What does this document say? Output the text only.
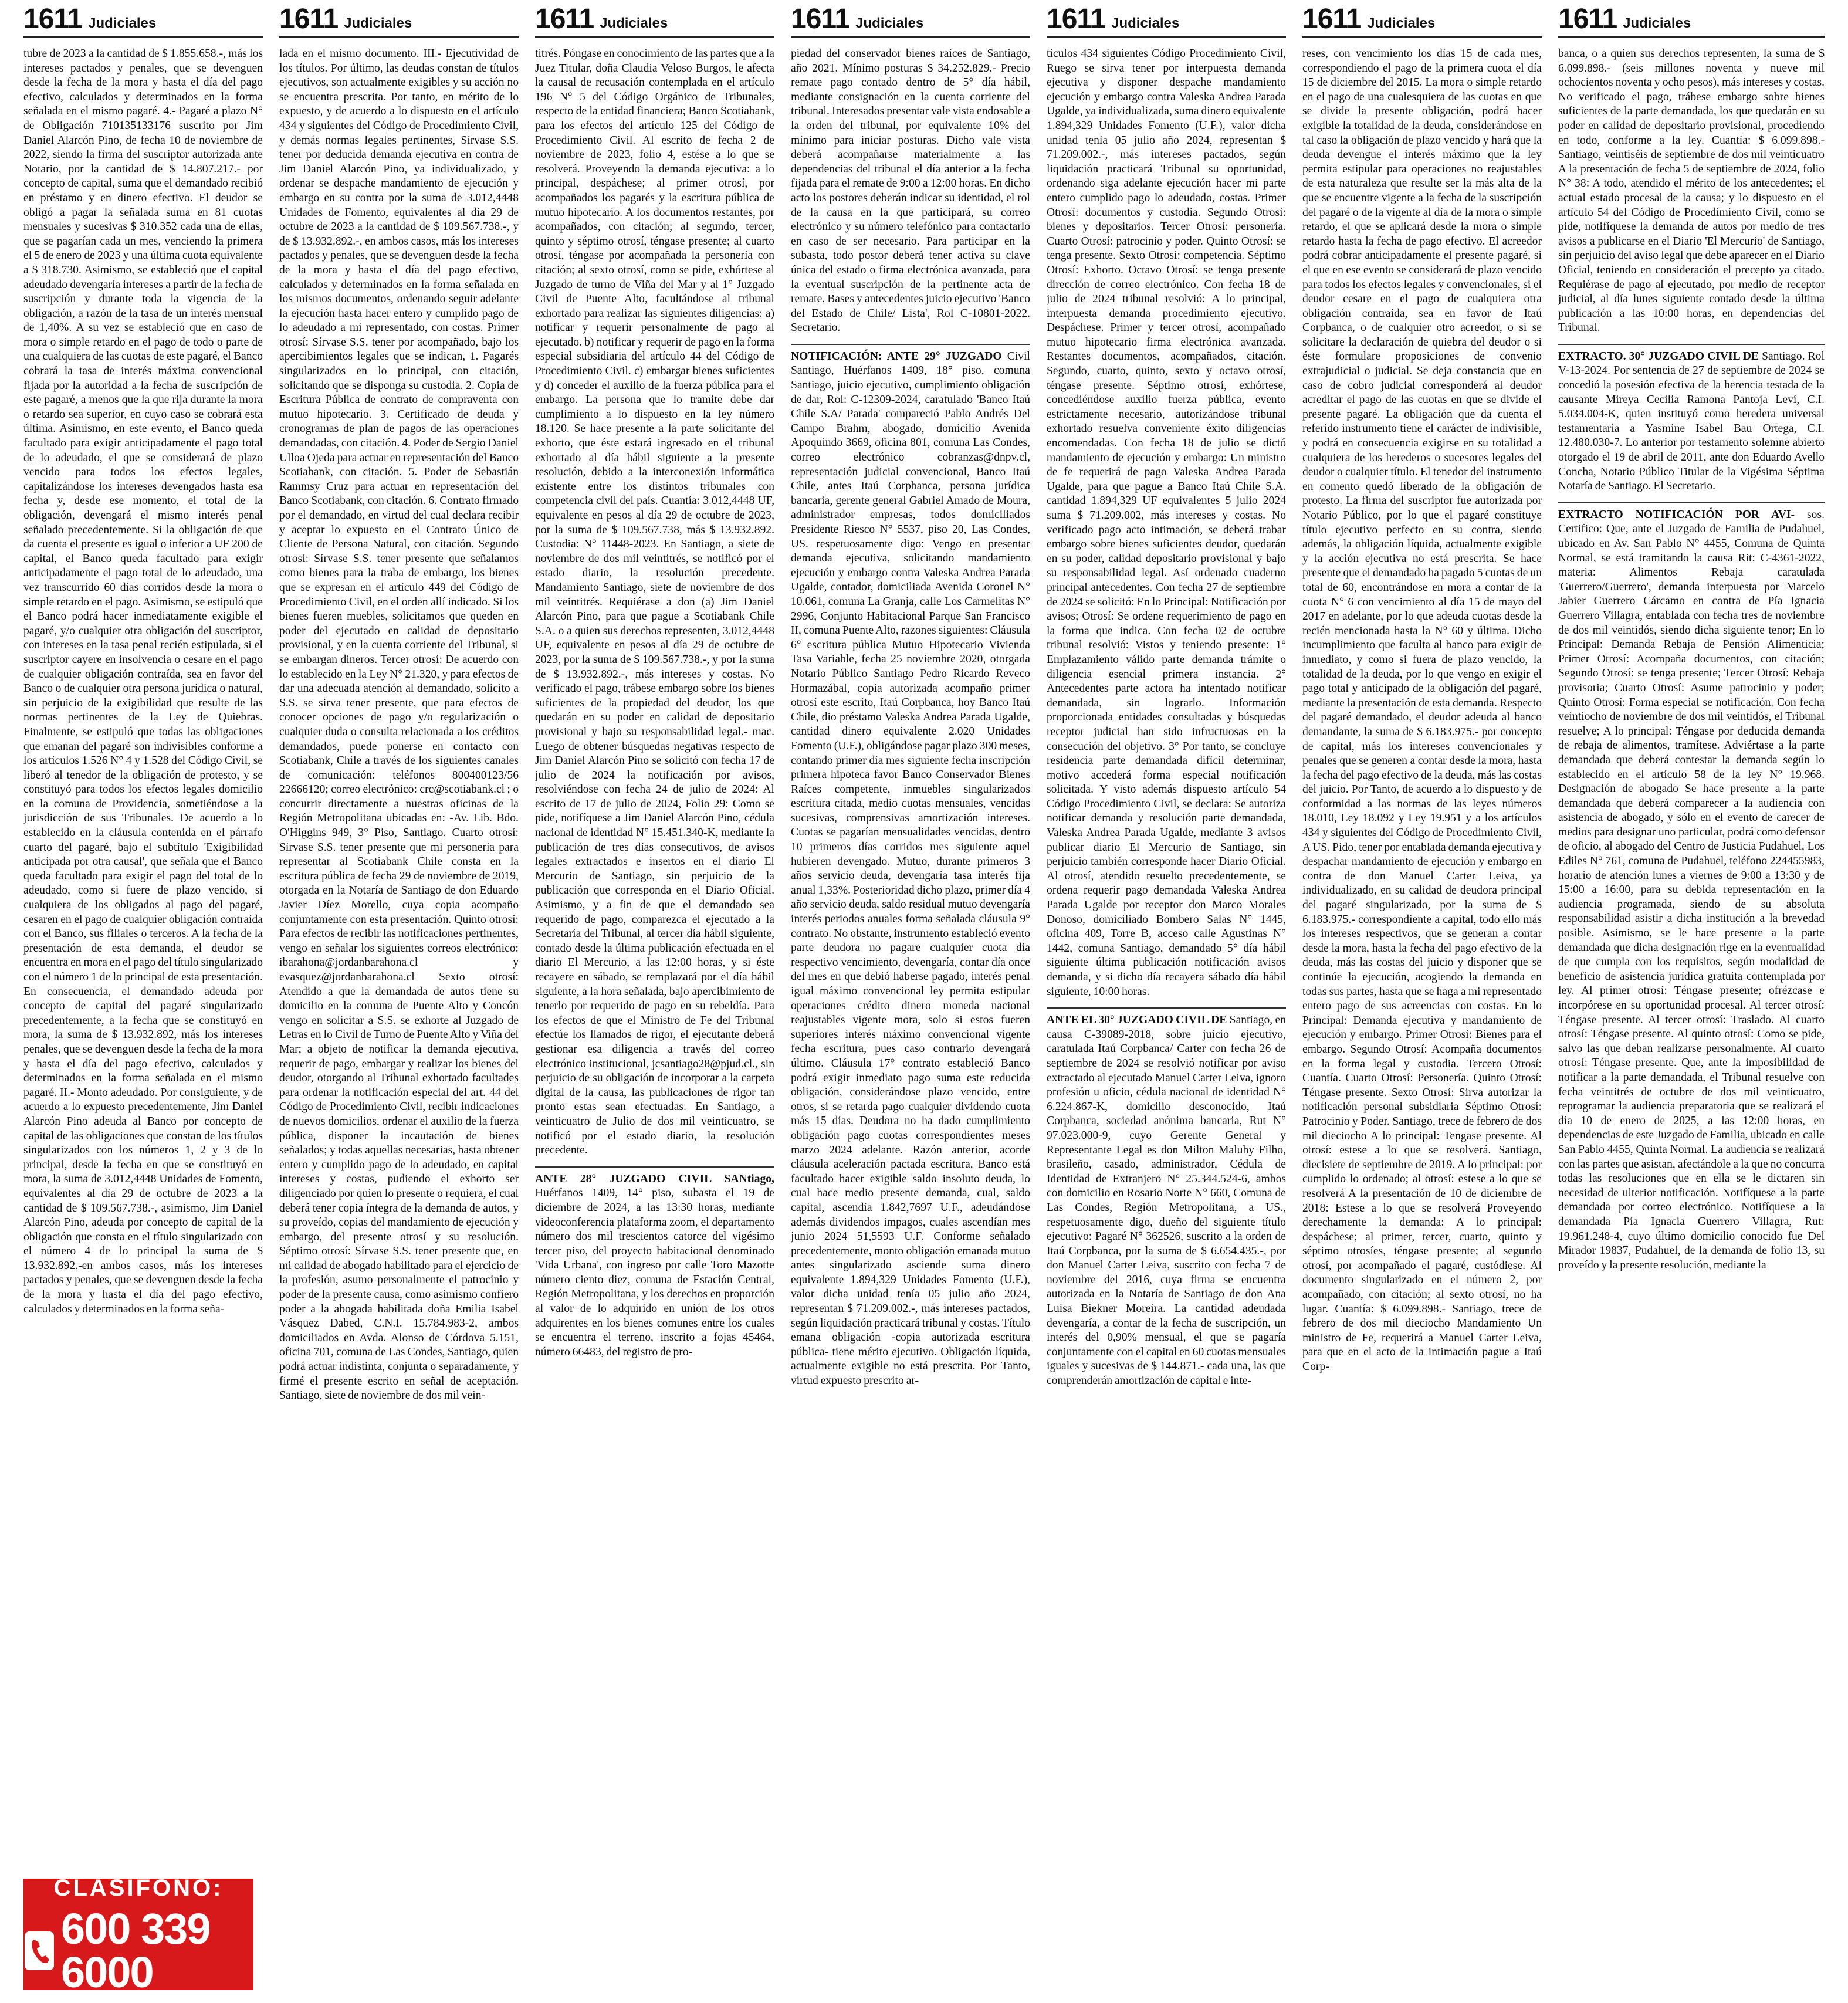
1611 Judiciales

tubre de 2023 a la cantidad de $ 1.855.658.-, más los intereses pactados y penales, que se devenguen desde la fecha de la mora y hasta el día del pago efectivo, calculados y determinados en la forma señalada en el mismo pagaré. 4.- Pagaré a plazo N° de Obligación 710135133176 suscrito por Jim Daniel Alarcón Pino, de fecha 10 de noviembre de 2022, siendo la firma del suscriptor autorizada ante Notario, por la cantidad de $ 14.807.217.- por concepto de capital, suma que el demandado recibió en préstamo y en dinero efectivo. El deudor se obligó a pagar la señalada suma en 81 cuotas mensuales y sucesivas $ 310.352 cada una de ellas, que se pagarían cada un mes, venciendo la primera el 5 de enero de 2023 y una última cuota equivalente a $ 318.730. Asimismo, se estableció que el capital adeudado devengaría intereses a partir de la fecha de suscripción y durante toda la vigencia de la obligación, a razón de la tasa de un interés mensual de 1,40%. A su vez se estableció que en caso de mora o simple retardo en el pago de todo o parte de una cualquiera de las cuotas de este pagaré, el Banco cobrará la tasa de interés máxima convencional fijada por la autoridad a la fecha de suscripción de este pagaré, a menos que la que rija durante la mora o retardo sea superior, en cuyo caso se cobrará esta última. Asimismo, en este evento, el Banco queda facultado para exigir anticipadamente el pago total de lo adeudado, el que se considerará de plazo vencido para todos los efectos legales, capitalizándose los intereses devengados hasta esa fecha y, desde ese momento, el total de la obligación, devengará el mismo interés penal señalado precedentemente. Si la obligación de que da cuenta el presente es igual o inferior a UF 200 de capital, el Banco queda facultado para exigir anticipadamente el pago total de lo adeudado, una vez transcurrido 60 días corridos desde la mora o simple retardo en el pago. Asimismo, se estipuló que el Banco podrá hacer inmediatamente exigible el pagaré, y/o cualquier otra obligación del suscriptor, con intereses en la tasa penal recién estipulada, si el suscriptor cayere en insolvencia o cesare en el pago de cualquier obligación contraída, sea en favor del Banco o de cualquier otra persona jurídica o natural, sin perjuicio de la exigibilidad que resulte de las normas pertinentes de la Ley de Quiebras. Finalmente, se estipuló que todas las obligaciones que emanan del pagaré son indivisibles conforme a los artículos 1.526 N° 4 y 1.528 del Código Civil, se liberó al tenedor de la obligación de protesto, y se constituyó para todos los efectos legales domicilio en la comuna de Providencia, sometiéndose a la jurisdicción de sus Tribunales. De acuerdo a lo establecido en la cláusula contenida en el párrafo cuarto del pagaré, bajo el subtítulo 'Exigibilidad anticipada por otra causal', que señala que el Banco queda facultado para exigir el pago del total de lo adeudado, como si fuere de plazo vencido, si cualquiera de los obligados al pago del pagaré, cesaren en el pago de cualquier obligación contraída con el Banco, sus filiales o terceros. A la fecha de la presentación de esta demanda, el deudor se encuentra en mora en el pago del título singularizado con el número 1 de lo principal de esta presentación. En consecuencia, el demandado adeuda por concepto de capital del pagaré singularizado precedentemente, a la fecha que se constituyó en mora, la suma de $ 13.932.892, más los intereses penales, que se devenguen desde la fecha de la mora y hasta el día del pago efectivo, calculados y determinados en la forma señalada en el mismo pagaré. II.- Monto adeudado. Por consiguiente, y de acuerdo a lo expuesto precedentemente, Jim Daniel Alarcón Pino adeuda al Banco por concepto de capital de las obligaciones que constan de los títulos singularizados con los números 1, 2 y 3 de lo principal, desde la fecha en que se constituyó en mora, la suma de 3.012,4448 Unidades de Fomento, equivalentes al día 29 de octubre de 2023 a la cantidad de $ 109.567.738.-, asimismo, Jim Daniel Alarcón Pino, adeuda por concepto de capital de la obligación que consta en el título singularizado con el número 4 de lo principal la suma de $ 13.932.892.-en ambos casos, más los intereses pactados y penales, que se devenguen desde la fecha de la mora y hasta el día del pago efectivo, calculados y determinados en la forma seña-

1611 Judiciales

lada en el mismo documento. III.- Ejecutividad de los títulos. Por último, las deudas constan de títulos ejecutivos, son actualmente exigibles y su acción no se encuentra prescrita. Por tanto, en mérito de lo expuesto, y de acuerdo a lo dispuesto en el artículo 434 y siguientes del Código de Procedimiento Civil, y demás normas legales pertinentes, Sírvase S.S. tener por deducida demanda ejecutiva en contra de Jim Daniel Alarcón Pino, ya individualizado, y ordenar se despache mandamiento de ejecución y embargo en su contra por la suma de 3.012,4448 Unidades de Fomento, equivalentes al día 29 de octubre de 2023 a la cantidad de $ 109.567.738.-, y de $ 13.932.892.-, en ambos casos, más los intereses pactados y penales, que se devenguen desde la fecha de la mora y hasta el día del pago efectivo, calculados y determinados en la forma señalada en los mismos documentos, ordenando seguir adelante la ejecución hasta hacer entero y cumplido pago de lo adeudado a mi representado, con costas. Primer otrosí: Sírvase S.S. tener por acompañado, bajo los apercibimientos legales que se indican, 1. Pagarés singularizados en lo principal, con citación, solicitando que se disponga su custodia. 2. Copia de Escritura Pública de contrato de compraventa con mutuo hipotecario. 3. Certificado de deuda y cronogramas de plan de pagos de las operaciones demandadas, con citación. 4. Poder de Sergio Daniel Ulloa Ojeda para actuar en representación del Banco Scotiabank, con citación. 5. Poder de Sebastián Rammsy Cruz para actuar en representación del Banco Scotiabank, con citación. 6. Contrato firmado por el demandado, en virtud del cual declara recibir y aceptar lo expuesto en el Contrato Único de Cliente de Persona Natural, con citación. Segundo otrosí: Sírvase S.S. tener presente que señalamos como bienes para la traba de embargo, los bienes que se expresan en el artículo 449 del Código de Procedimiento Civil, en el orden allí indicado. Si los bienes fueren muebles, solicitamos que queden en poder del ejecutado en calidad de depositario provisional, y en la cuenta corriente del Tribunal, si se embargan dineros. Tercer otrosí: De acuerdo con lo establecido en la Ley N° 21.320, y para efectos de dar una adecuada atención al demandado, solicito a S.S. se sirva tener presente, que para efectos de conocer opciones de pago y/o regularización o cualquier duda o consulta relacionada a los créditos demandados, puede ponerse en contacto con Scotiabank, Chile a través de los siguientes canales de comunicación: teléfonos 800400123/56 22666120; correo electrónico: crc@scotiabank.cl ; o concurrir directamente a nuestras oficinas de la Región Metropolitana ubicadas en: -Av. Lib. Bdo. O'Higgins 949, 3° Piso, Santiago. Cuarto otrosí: Sírvase S.S. tener presente que mi personería para representar al Scotiabank Chile consta en la escritura pública de fecha 29 de noviembre de 2019, otorgada en la Notaría de Santiago de don Eduardo Javier Díez Morello, cuya copia acompaño conjuntamente con esta presentación. Quinto otrosí: Para efectos de recibir las notificaciones pertinentes, vengo en señalar los siguientes correos electrónico: ibarahona@jordanbarahona.cl y evasquez@jordanbarahona.cl Sexto otrosí: Atendido a que la demandada de autos tiene su domicilio en la comuna de Puente Alto y Concón vengo en solicitar a S.S. se exhorte al Juzgado de Letras en lo Civil de Turno de Puente Alto y Viña del Mar; a objeto de notificar la demanda ejecutiva, requerir de pago, embargar y realizar los bienes del deudor, otorgando al Tribunal exhortado facultades para ordenar la notificación especial del art. 44 del Código de Procedimiento Civil, recibir indicaciones de nuevos domicilios, ordenar el auxilio de la fuerza pública, disponer la incautación de bienes señalados; y todas aquellas necesarias, hasta obtener entero y cumplido pago de lo adeudado, en capital intereses y costas, pudiendo el exhorto ser diligenciado por quien lo presente o requiera, el cual deberá tener copia íntegra de la demanda de autos, y su proveído, copias del mandamiento de ejecución y embargo, del presente otrosí y su resolución. Séptimo otrosí: Sírvase S.S. tener presente que, en mi calidad de abogado habilitado para el ejercicio de la profesión, asumo personalmente el patrocinio y poder de la presente causa, como asimismo confiero poder a la abogada habilitada doña Emilia Isabel Vásquez Dabed, C.N.I. 15.784.983-2, ambos domiciliados en Avda. Alonso de Córdova 5.151, oficina 701, comuna de Las Condes, Santiago, quien podrá actuar indistinta, conjunta o separadamente, y firmé el presente escrito en señal de aceptación. Santiago, siete de noviembre de dos mil vein-

1611 Judiciales

titrés. Póngase en conocimiento de las partes que a la Juez Titular, doña Claudia Veloso Burgos, le afecta la causal de recusación contemplada en el artículo 196 N° 5 del Código Orgánico de Tribunales, respecto de la entidad financiera; Banco Scotiabank, para los efectos del artículo 125 del Código de Procedimiento Civil. Al escrito de fecha 2 de noviembre de 2023, folio 4, estése a lo que se resolverá. Proveyendo la demanda ejecutiva: a lo principal, despáchese; al primer otrosí, por acompañados los pagarés y la escritura pública de mutuo hipotecario. A los documentos restantes, por acompañados, con citación; al segundo, tercer, quinto y séptimo otrosí, téngase presente; al cuarto otrosí, téngase por acompañada la personería con citación; al sexto otrosí, como se pide, exhórtese al Juzgado de turno de Viña del Mar y al 1° Juzgado Civil de Puente Alto, facultándose al tribunal exhortado para realizar las siguientes diligencias: a) notificar y requerir personalmente de pago al ejecutado. b) notificar y requerir de pago en la forma especial subsidiaria del artículo 44 del Código de Procedimiento Civil. c) embargar bienes suficientes y d) conceder el auxilio de la fuerza pública para el embargo. La persona que lo tramite debe dar cumplimiento a lo dispuesto en la ley número 18.120. Se hace presente a la parte solicitante del exhorto, que éste estará ingresado en el tribunal exhortado al día hábil siguiente a la presente resolución, debido a la interconexión informática existente entre los distintos tribunales con competencia civil del país. Cuantía: 3.012,4448 UF, equivalente en pesos al día 29 de octubre de 2023, por la suma de $ 109.567.738, más $ 13.932.892. Custodia: N° 11448-2023. En Santiago, a siete de noviembre de dos mil veintitrés, se notificó por el estado diario, la resolución precedente. Mandamiento Santiago, siete de noviembre de dos mil veintitrés. Requiérase a don (a) Jim Daniel Alarcón Pino, para que pague a Scotiabank Chile S.A. o a quien sus derechos representen, 3.012,4448 UF, equivalente en pesos al día 29 de octubre de 2023, por la suma de $ 109.567.738.-, y por la suma de $ 13.932.892.-, más intereses y costas. No verificado el pago, trábese embargo sobre los bienes suficientes de la propiedad del deudor, los que quedarán en su poder en calidad de depositario provisional y bajo su responsabilidad legal.- mac. Luego de obtener búsquedas negativas respecto de Jim Daniel Alarcón Pino se solicitó con fecha 17 de julio de 2024 la notificación por avisos, resolviéndose con fecha 24 de julio de 2024: Al escrito de 17 de julio de 2024, Folio 29: Como se pide, notifíquese a Jim Daniel Alarcón Pino, cédula nacional de identidad N° 15.451.340-K, mediante la publicación de tres días consecutivos, de avisos legales extractados e insertos en el diario El Mercurio de Santiago, sin perjuicio de la publicación que corresponda en el Diario Oficial. Asimismo, y a fin de que el demandado sea requerido de pago, comparezca el ejecutado a la Secretaría del Tribunal, al tercer día hábil siguiente, contado desde la última publicación efectuada en el diario El Mercurio, a las 12:00 horas, y si éste recayere en sábado, se remplazará por el día hábil siguiente, a la hora señalada, bajo apercibimiento de tenerlo por requerido de pago en su rebeldía. Para los efectos de que el Ministro de Fe del Tribunal efectúe los llamados de rigor, el ejecutante deberá gestionar esa diligencia a través del correo electrónico institucional, jcsantiago28@pjud.cl., sin perjuicio de su obligación de incorporar a la carpeta digital de la causa, las publicaciones de rigor tan pronto estas sean efectuadas. En Santiago, a veinticuatro de Julio de dos mil veinticuatro, se notificó por el estado diario, la resolución precedente.

ANTE 28° JUZGADO CIVIL SANtiago, Huérfanos 1409, 14° piso, subasta el 19 de diciembre de 2024, a las 13:30 horas, mediante videoconferencia plataforma zoom, el departamento número dos mil trescientos catorce del vigésimo tercer piso, del proyecto habitacional denominado 'Vida Urbana', con ingreso por calle Toro Mazotte número ciento diez, comuna de Estación Central, Región Metropolitana, y los derechos en proporción al valor de lo adquirido en unión de los otros adquirentes en los bienes comunes entre los cuales se encuentra el terreno, inscrito a fojas 45464, número 66483, del registro de pro-
1611 Judiciales

piedad del conservador bienes raíces de Santiago, año 2021. Mínimo posturas $ 34.252.829.- Precio remate pago contado dentro de 5° día hábil, mediante consignación en la cuenta corriente del tribunal. Interesados presentar vale vista endosable a la orden del tribunal, por equivalente 10% del mínimo para iniciar posturas. Dicho vale vista deberá acompañarse materialmente a las dependencias del tribunal el día anterior a la fecha fijada para el remate de 9:00 a 12:00 horas. En dicho acto los postores deberán indicar su identidad, el rol de la causa en la que participará, su correo electrónico y su número telefónico para contactarlo en caso de ser necesario. Para participar en la subasta, todo postor deberá tener activa su clave única del estado o firma electrónica avanzada, para la eventual suscripción de la pertinente acta de remate. Bases y antecedentes juicio ejecutivo 'Banco del Estado de Chile/ Lista', Rol C-10801-2022. Secretario.

NOTIFICACIÓN: ANTE 29° JUZGADO Civil Santiago, Huérfanos 1409, 18° piso, comuna Santiago, juicio ejecutivo, cumplimiento obligación de dar, Rol: C-12309-2024, caratulado 'Banco Itaú Chile S.A/ Parada' compareció Pablo Andrés Del Campo Brahm, abogado, domicilio Avenida Apoquindo 3669, oficina 801, comuna Las Condes, correo electrónico cobranzas@dnpv.cl, representación judicial convencional, Banco Itaú Chile, antes Itaú Corpbanca, persona jurídica bancaria, gerente general Gabriel Amado de Moura, administrador empresas, todos domiciliados Presidente Riesco N° 5537, piso 20, Las Condes, US. respetuosamente digo: Vengo en presentar demanda ejecutiva, solicitando mandamiento ejecución y embargo contra Valeska Andrea Parada Ugalde, contador, domiciliada Avenida Coronel N° 10.061, comuna La Granja, calle Los Carmelitas N° 2996, Conjunto Habitacional Parque San Francisco II, comuna Puente Alto, razones siguientes: Cláusula 6° escritura pública Mutuo Hipotecario Vivienda Tasa Variable, fecha 25 noviembre 2020, otorgada Notario Público Santiago Pedro Ricardo Reveco Hormazábal, copia autorizada acompaño primer otrosí este escrito, Itaú Corpbanca, hoy Banco Itaú Chile, dio préstamo Valeska Andrea Parada Ugalde, cantidad dinero equivalente 2.020 Unidades Fomento (U.F.), obligándose pagar plazo 300 meses, contando primer día mes siguiente fecha inscripción primera hipoteca favor Banco Conservador Bienes Raíces competente, inmuebles singularizados escritura citada, medio cuotas mensuales, vencidas sucesivas, comprensivas amortización intereses. Cuotas se pagarían mensualidades vencidas, dentro 10 primeros días corridos mes siguiente aquel hubieren devengado. Mutuo, durante primeros 3 años servicio deuda, devengaría tasa interés fija anual 1,33%. Posterioridad dicho plazo, primer día 4 año servicio deuda, saldo residual mutuo devengaría interés periodos anuales forma señalada cláusula 9° contrato. No obstante, instrumento estableció evento parte deudora no pagare cualquier cuota día respectivo vencimiento, devengaría, contar día once del mes en que debió haberse pagado, interés penal igual máximo convencional ley permita estipular operaciones crédito dinero moneda nacional reajustables vigente mora, solo si estos fueren superiores interés máximo convencional vigente fecha escritura, pues caso contrario devengará último. Cláusula 17° contrato estableció Banco podrá exigir inmediato pago suma este reducida obligación, considerándose plazo vencido, entre otros, si se retarda pago cualquier dividendo cuota más 15 días. Deudora no ha dado cumplimiento obligación pago cuotas correspondientes meses marzo 2024 adelante. Razón anterior, acorde cláusula aceleración pactada escritura, Banco está facultado hacer exigible saldo insoluto deuda, lo cual hace medio presente demanda, cual, saldo capital, ascendía 1.842,7697 U.F., adeudándose además dividendos impagos, cuales ascendían mes junio 2024 51,5593 U.F. Conforme señalado precedentemente, monto obligación emanada mutuo antes singularizado asciende suma dinero equivalente 1.894,329 Unidades Fomento (U.F.), valor dicha unidad tenía 05 julio año 2024, representan $ 71.209.002.-, más intereses pactados, según liquidación practicará tribunal y costas. Título emana obligación -copia autorizada escritura pública- tiene mérito ejecutivo. Obligación líquida, actualmente exigible no está prescrita. Por Tanto, virtud expuesto prescrito ar-
1611 Judiciales

tículos 434 siguientes Código Procedimiento Civil, Ruego se sirva tener por interpuesta demanda ejecutiva y disponer despache mandamiento ejecución y embargo contra Valeska Andrea Parada Ugalde, ya individualizada, suma dinero equivalente 1.894,329 Unidades Fomento (U.F.), valor dicha unidad tenía 05 julio año 2024, representan $ 71.209.002.-, más intereses pactados, según liquidación practicará Tribunal su oportunidad, ordenando siga adelante ejecución hacer mi parte entero cumplido pago lo adeudado, costas. Primer Otrosí: documentos y custodia. Segundo Otrosí: bienes y depositarios. Tercer Otrosí: personería. Cuarto Otrosí: patrocinio y poder. Quinto Otrosí: se tenga presente. Sexto Otrosí: competencia. Séptimo Otrosí: Exhorto. Octavo Otrosí: se tenga presente dirección de correo electrónico. Con fecha 18 de julio de 2024 tribunal resolvió: A lo principal, interpuesta demanda procedimiento ejecutivo. Despáchese. Primer y tercer otrosí, acompañado mutuo hipotecario firma electrónica avanzada. Restantes documentos, acompañados, citación. Segundo, cuarto, quinto, sexto y octavo otrosí, téngase presente. Séptimo otrosí, exhórtese, concediéndose auxilio fuerza pública, evento estrictamente necesario, autorizándose tribunal exhortado resuelva conveniente éxito diligencias encomendadas. Con fecha 18 de julio se dictó mandamiento de ejecución y embargo: Un ministro de fe requerirá de pago Valeska Andrea Parada Ugalde, para que pague a Banco Itaú Chile S.A. cantidad 1.894,329 UF equivalentes 5 julio 2024 suma $ 71.209.002, más intereses y costas. No verificado pago acto intimación, se deberá trabar embargo sobre bienes suficientes deudor, quedarán en su poder, calidad depositario provisional y bajo su responsabilidad legal. Así ordenado cuaderno principal antecedentes. Con fecha 27 de septiembre de 2024 se solicitó: En lo Principal: Notificación por avisos; Otrosí: Se ordene requerimiento de pago en la forma que indica. Con fecha 02 de octubre tribunal resolvió: Vistos y teniendo presente: 1° Emplazamiento válido parte demanda trámite o diligencia esencial primera instancia. 2° Antecedentes parte actora ha intentado notificar demandada, sin lograrlo. Información proporcionada entidades consultadas y búsquedas receptor judicial han sido infructuosas en la consecución del objetivo. 3° Por tanto, se concluye residencia parte demandada difícil determinar, motivo accederá forma especial notificación solicitada. Y visto además dispuesto artículo 54 Código Procedimiento Civil, se declara: Se autoriza notificar demanda y resolución parte demandada, Valeska Andrea Parada Ugalde, mediante 3 avisos publicar diario El Mercurio de Santiago, sin perjuicio también corresponde hacer Diario Oficial. Al otrosí, atendido resuelto precedentemente, se ordena requerir pago demandada Valeska Andrea Parada Ugalde por receptor don Marco Morales Donoso, domiciliado Bombero Salas N° 1445, oficina 409, Torre B, acceso calle Agustinas N° 1442, comuna Santiago, demandado 5° día hábil siguiente última publicación notificación avisos demanda, y si dicho día recayera sábado día hábil siguiente, 10:00 horas.

ANTE EL 30° JUZGADO CIVIL DE Santiago, en causa C-39089-2018, sobre juicio ejecutivo, caratulada Itaú Corpbanca/ Carter con fecha 26 de septiembre de 2024 se resolvió notificar por aviso extractado al ejecutado Manuel Carter Leiva, ignoro profesión u oficio, cédula nacional de identidad N° 6.224.867-K, domicilio desconocido, Itaú Corpbanca, sociedad anónima bancaria, Rut N° 97.023.000-9, cuyo Gerente General y Representante Legal es don Milton Maluhy Filho, brasileño, casado, administrador, Cédula de Identidad de Extranjero N° 25.344.524-6, ambos con domicilio en Rosario Norte N° 660, Comuna de Las Condes, Región Metropolitana, a US., respetuosamente digo, dueño del siguiente título ejecutivo: Pagaré N° 362526, suscrito a la orden de Itaú Corpbanca, por la suma de $ 6.654.435.-, por don Manuel Carter Leiva, suscrito con fecha 7 de noviembre del 2016, cuya firma se encuentra autorizada en la Notaría de Santiago de don Ana Luisa Biekner Moreira. La cantidad adeudada devengaría, a contar de la fecha de suscripción, un interés del 0,90% mensual, el que se pagaría conjuntamente con el capital en 60 cuotas mensuales iguales y sucesivas de $ 144.871.- cada una, las que comprenderán amortización de capital e inte-
1611 Judiciales

reses, con vencimiento los días 15 de cada mes, correspondiendo el pago de la primera cuota el día 15 de diciembre del 2015. La mora o simple retardo en el pago de una cualesquiera de las cuotas en que se divide la presente obligación, podrá hacer exigible la totalidad de la deuda, considerándose en tal caso la obligación de plazo vencido y hará que la deuda devengue el interés máximo que la ley permita estipular para operaciones no reajustables de esta naturaleza que resulte ser la más alta de la que se encuentre vigente a la fecha de la suscripción del pagaré o de la vigente al día de la mora o simple retardo, el que se aplicará desde la mora o simple retardo hasta la fecha de pago efectivo. El acreedor podrá cobrar anticipadamente el presente pagaré, si el que en ese evento se considerará de plazo vencido para todos los efectos legales y convencionales, si el deudor cesare en el pago de cualquiera otra obligación contraída, sea en favor de Itaú Corpbanca, o de cualquier otro acreedor, o si se solicitare la declaración de quiebra del deudor o si éste formulare proposiciones de convenio extrajudicial o judicial. Se deja constancia que en caso de cobro judicial corresponderá al deudor acreditar el pago de las cuotas en que se divide el presente pagaré. La obligación que da cuenta el referido instrumento tiene el carácter de indivisible, y podrá en consecuencia exigirse en su totalidad a cualquiera de los herederos o sucesores legales del deudor o cualquier título. El tenedor del instrumento en comento quedó liberado de la obligación de protesto. La firma del suscriptor fue autorizada por Notario Público, por lo que el pagaré constituye título ejecutivo perfecto en su contra, siendo además, la obligación líquida, actualmente exigible y la acción ejecutiva no está prescrita. Se hace presente que el demandado ha pagado 5 cuotas de un total de 60, encontrándose en mora a contar de la cuota N° 6 con vencimiento al día 15 de mayo del 2017 en adelante, por lo que adeuda cuotas desde la recién mencionada hasta la N° 60 y última. Dicho incumplimiento que faculta al banco para exigir de inmediato, y como si fuera de plazo vencido, la totalidad de la deuda, por lo que vengo en exigir el pago total y anticipado de la obligación del pagaré, mediante la presentación de esta demanda. Respecto del pagaré demandado, el deudor adeuda al banco demandante, la suma de $ 6.183.975.- por concepto de capital, más los intereses convencionales y penales que se generen a contar desde la mora, hasta la fecha del pago efectivo de la deuda, más las costas del juicio. Por Tanto, de acuerdo a lo dispuesto y de conformidad a las normas de las leyes números 18.010, Ley 18.092 y Ley 19.951 y a los artículos 434 y siguientes del Código de Procedimiento Civil, A US. Pido, tener por entablada demanda ejecutiva y despachar mandamiento de ejecución y embargo en contra de don Manuel Carter Leiva, ya individualizado, en su calidad de deudora principal del pagaré singularizado, por la suma de $ 6.183.975.- correspondiente a capital, todo ello más los intereses respectivos, que se generan a contar desde la mora, hasta la fecha del pago efectivo de la deuda, más las costas del juicio y disponer que se continúe la ejecución, acogiendo la demanda en todas sus partes, hasta que se haga a mi representado entero pago de sus acreencias con costas. En lo Principal: Demanda ejecutiva y mandamiento de ejecución y embargo. Primer Otrosí: Bienes para el embargo. Segundo Otrosí: Acompaña documentos en la forma legal y custodia. Tercero Otrosí: Cuantía. Cuarto Otrosí: Personería. Quinto Otrosí: Téngase presente. Sexto Otrosí: Sirva autorizar la notificación personal subsidiaria Séptimo Otrosí: Patrocinio y Poder. Santiago, trece de febrero de dos mil dieciocho A lo principal: Tengase presente. Al otrosí: estese a lo que se resolverá. Santiago, diecisiete de septiembre de 2019. A lo principal: por cumplido lo ordenado; al otrosí: estese a lo que se resolverá A la presentación de 10 de diciembre de 2018: Estese a lo que se resolverá Proveyendo derechamente la demanda: A lo principal: despáchese; al primer, tercer, cuarto, quinto y séptimo otrosíes, téngase presente; al segundo otrosí, por acompañado el pagaré, custódiese. Al documento singularizado en el número 2, por acompañado, con citación; al sexto otrosí, no ha lugar. Cuantía: $ 6.099.898.- Santiago, trece de febrero de dos mil dieciocho Mandamiento Un ministro de Fe, requerirá a Manuel Carter Leiva, para que en el acto de la intimación pague a Itaú Corp-

1611 Judiciales

banca, o a quien sus derechos representen, la suma de $ 6.099.898.- (seis millones noventa y nueve mil ochocientos noventa y ocho pesos), más intereses y costas. No verificado el pago, trábese embargo sobre bienes suficientes de la parte demandada, los que quedarán en su poder en calidad de depositario provisional, procediendo en todo, conforme a la ley. Cuantía: $ 6.099.898.- Santiago, veintiséis de septiembre de dos mil veinticuatro A la presentación de fecha 5 de septiembre de 2024, folio N° 38: A todo, atendido el mérito de los antecedentes; el actual estado procesal de la causa; y lo dispuesto en el artículo 54 del Código de Procedimiento Civil, como se pide, notifíquese la demanda de autos por medio de tres avisos a publicarse en el Diario 'El Mercurio' de Santiago, sin perjuicio del aviso legal que debe aparecer en el Diario Oficial, teniendo en consideración el precepto ya citado. Requiérase de pago al ejecutado, por medio de receptor judicial, al día lunes siguiente contado desde la última publicación a las 10:00 horas, en dependencias del Tribunal.

EXTRACTO. 30° JUZGADO CIVIL DE Santiago. Rol V-13-2024. Por sentencia de 27 de septiembre de 2024 se concedió la posesión efectiva de la herencia testada de la causante Mireya Cecilia Ramona Pantoja Leví, C.I. 5.034.004-K, quien instituyó como heredera universal testamentaria a Yasmine Isabel Bau Ortega, C.I. 12.480.030-7. Lo anterior por testamento solemne abierto otorgado el 19 de abril de 2011, ante don Eduardo Avello Concha, Notario Público Titular de la Vigésima Séptima Notaría de Santiago. El Secretario.
EXTRACTO NOTIFICACIÓN POR AVI- sos. Certifico: Que, ante el Juzgado de Familia de Pudahuel, ubicado en Av. San Pablo N° 4455, Comuna de Quinta Normal, se está tramitando la causa Rit: C-4361-2022, materia: Alimentos Rebaja caratulada 'Guerrero/Guerrero', demanda interpuesta por Marcelo Jabier Guerrero Cárcamo en contra de Pía Ignacia Guerrero Villagra, entablada con fecha tres de noviembre de dos mil veintidós, siendo dicha siguiente tenor; En lo Principal: Demanda Rebaja de Pensión Alimenticia; Primer Otrosí: Acompaña documentos, con citación; Segundo Otrosí: se tenga presente; Tercer Otrosí: Rebaja provisoria; Cuarto Otrosí: Asume patrocinio y poder; Quinto Otrosí: Forma especial se notificación. Con fecha veintiocho de noviembre de dos mil veintidós, el Tribunal resuelve; A lo principal: Téngase por deducida demanda de rebaja de alimentos, tramítese. Adviértase a la parte demandada que deberá contestar la demanda según lo establecido en el artículo 58 de la ley N° 19.968. Designación de abogado Se hace presente a la parte demandada que deberá comparecer a la audiencia con asistencia de abogado, y sólo en el evento de carecer de medios para designar uno particular, podrá como defensor de oficio, al abogado del Centro de Justicia Pudahuel, Los Ediles N° 761, comuna de Pudahuel, teléfono 224455983, horario de atención lunes a viernes de 9:00 a 13:30 y de 15:00 a 16:00, para su debida representación en la audiencia programada, siendo de su absoluta responsabilidad asistir a dicha institución a la brevedad posible. Asimismo, se le hace presente a la parte demandada que dicha designación rige en la eventualidad de que cumpla con los requisitos, según modalidad de beneficio de asistencia jurídica gratuita contemplada por ley. Al primer otrosí: Téngase presente; ofrézcase e incorpórese en su oportunidad procesal. Al tercer otrosí: Téngase presente. Al tercer otrosí: Traslado. Al cuarto otrosí: Téngase presente. Al quinto otrosí: Como se pide, salvo las que deban realizarse personalmente. Al cuarto otrosí: Téngase presente. Que, ante la imposibilidad de notificar a la parte demandada, el Tribunal resuelve con fecha veintitrés de octubre de dos mil veinticuatro, reprogramar la audiencia preparatoria que se realizará el día 10 de enero de 2025, a las 12:00 horas, en dependencias de este Juzgado de Familia, ubicado en calle San Pablo 4455, Quinta Normal. La audiencia se realizará con las partes que asistan, afectándole a la que no concurra todas las resoluciones que en ella se le dictaren sin necesidad de ulterior notificación. Notifíquese a la parte demandada por correo electrónico. Notifíquese a la demandada Pía Ignacia Guerrero Villagra, Rut: 19.961.248-4, cuyo último domicilio conocido fue Del Mirador 19837, Pudahuel, de la demanda de folio 13, su proveído y la presente resolución, mediante la
CLASIFONO:
600 339 6000
